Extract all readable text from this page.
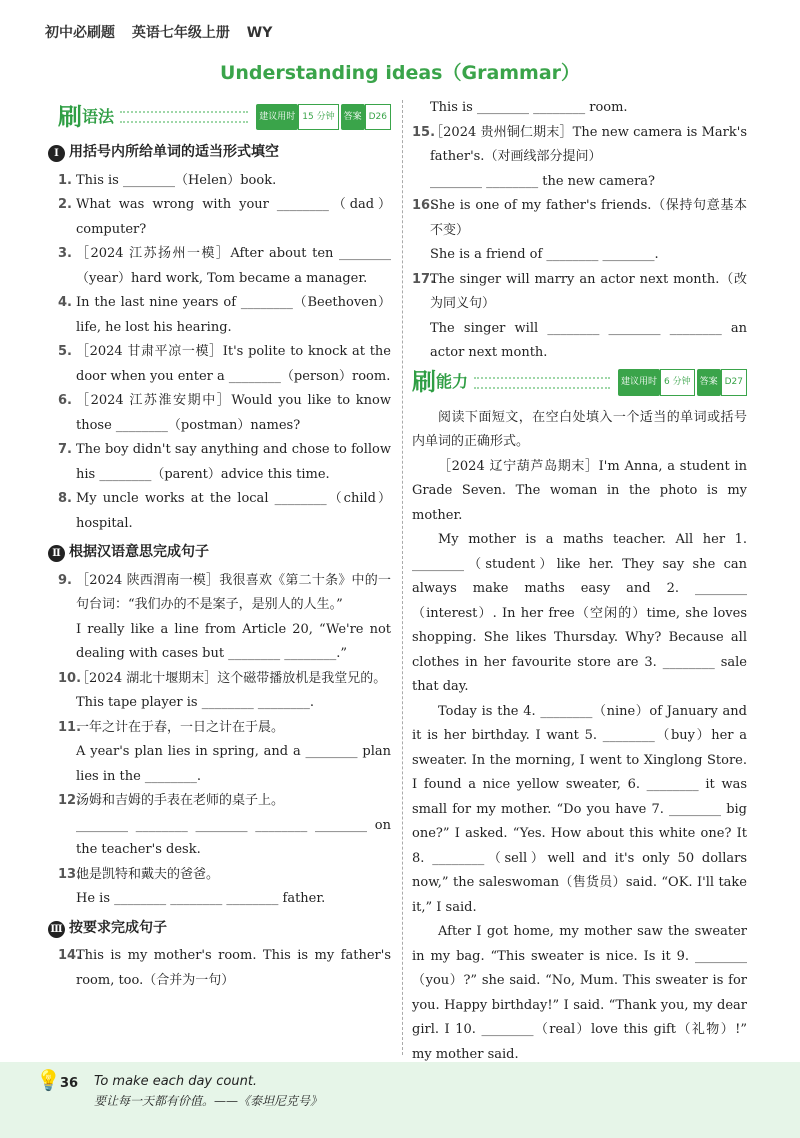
初中必刷题 英语七年级上册 WY
Understanding ideas（Grammar）
刷 语法	建议用时 15 分钟	答案 D26
Ⅰ 用括号内所给单词的适当形式填空
1. This is ________（Helen）book.
2. What was wrong with your ________（dad）computer?
3. ［2024 江苏扬州一模］After about ten ________（year）hard work, Tom became a manager.
4. In the last nine years of ________（Beethoven）life, he lost his hearing.
5. ［2024 甘肃平凉一模］It's polite to knock at the door when you enter a ________（person）room.
6. ［2024 江苏淮安期中］Would you like to know those ________（postman）names?
7. The boy didn't say anything and chose to follow his ________（parent）advice this time.
8. My uncle works at the local ________（child）hospital.
Ⅱ 根据汉语意思完成句子
9. ［2024 陕西渭南一模］我很喜欢《第二十条》中的一句台词：“我们办的不是案子，是别人的人生。”
I really like a line from Article 20, “We're not dealing with cases but ________ ________.”
10.
［2024 湖北十堰期末］这个磁带播放机是我堂兄的。
This tape player is ________ ________.
11.
一年之计在于春，一日之计在于晨。
A year's plan lies in spring, and a ________ plan lies in the ________.
12.
汤姆和吉姆的手表在老师的桌子上。
________ ________ ________ ________ ________ on the teacher's desk.
13.
他是凯特和戴夫的爸爸。
He is ________ ________ ________ father.
Ⅲ 按要求完成句子
14.
This is my mother's room. This is my father's room, too.（合并为一句）
This is ________ ________ room.
15.
［2024 贵州铜仁期末］The new camera is Mark's father's.（对画线部分提问）
________ ________ the new camera?
16.
She is one of my father's friends.（保持句意基本不变）
She is a friend of ________ ________.
17.
The singer will marry an actor next month.（改为同义句）
The singer will ________ ________ ________ an actor next month.
刷 能力	建议用时 6 分钟	答案 D27
阅读下面短文，在空白处填入一个适当的单词或括号内单词的正确形式。
［2024 辽宁葫芦岛期末］I'm Anna, a student in Grade Seven. The woman in the photo is my mother.
My mother is a maths teacher. All her 1. ________（student）like her. They say she can always make maths easy and 2. ________（interest）. In her free（空闲的）time, she loves shopping. She likes Thursday. Why? Because all clothes in her favourite store are 3. ________ sale that day.
Today is the 4. ________（nine）of January and it is her birthday. I want 5. ________（buy）her a sweater. In the morning, I went to Xinglong Store. I found a nice yellow sweater, 6. ________ it was small for my mother. “Do you have 7. ________ big one?” I asked. “Yes. How about this white one? It 8. ________（sell）well and it's only 50 dollars now,” the saleswoman（售货员）said. “OK. I'll take it,” I said.
After I got home, my mother saw the sweater in my bag. “This sweater is nice. Is it 9. ________（you）?” she said. “No, Mum. This sweater is for you. Happy birthday!” I said. “Thank you, my dear girl. I 10. ________（real）love this gift（礼物）!” my mother said.
💡 36 To make each day count.
要让每一天都有价值。——《泰坦尼克号》
